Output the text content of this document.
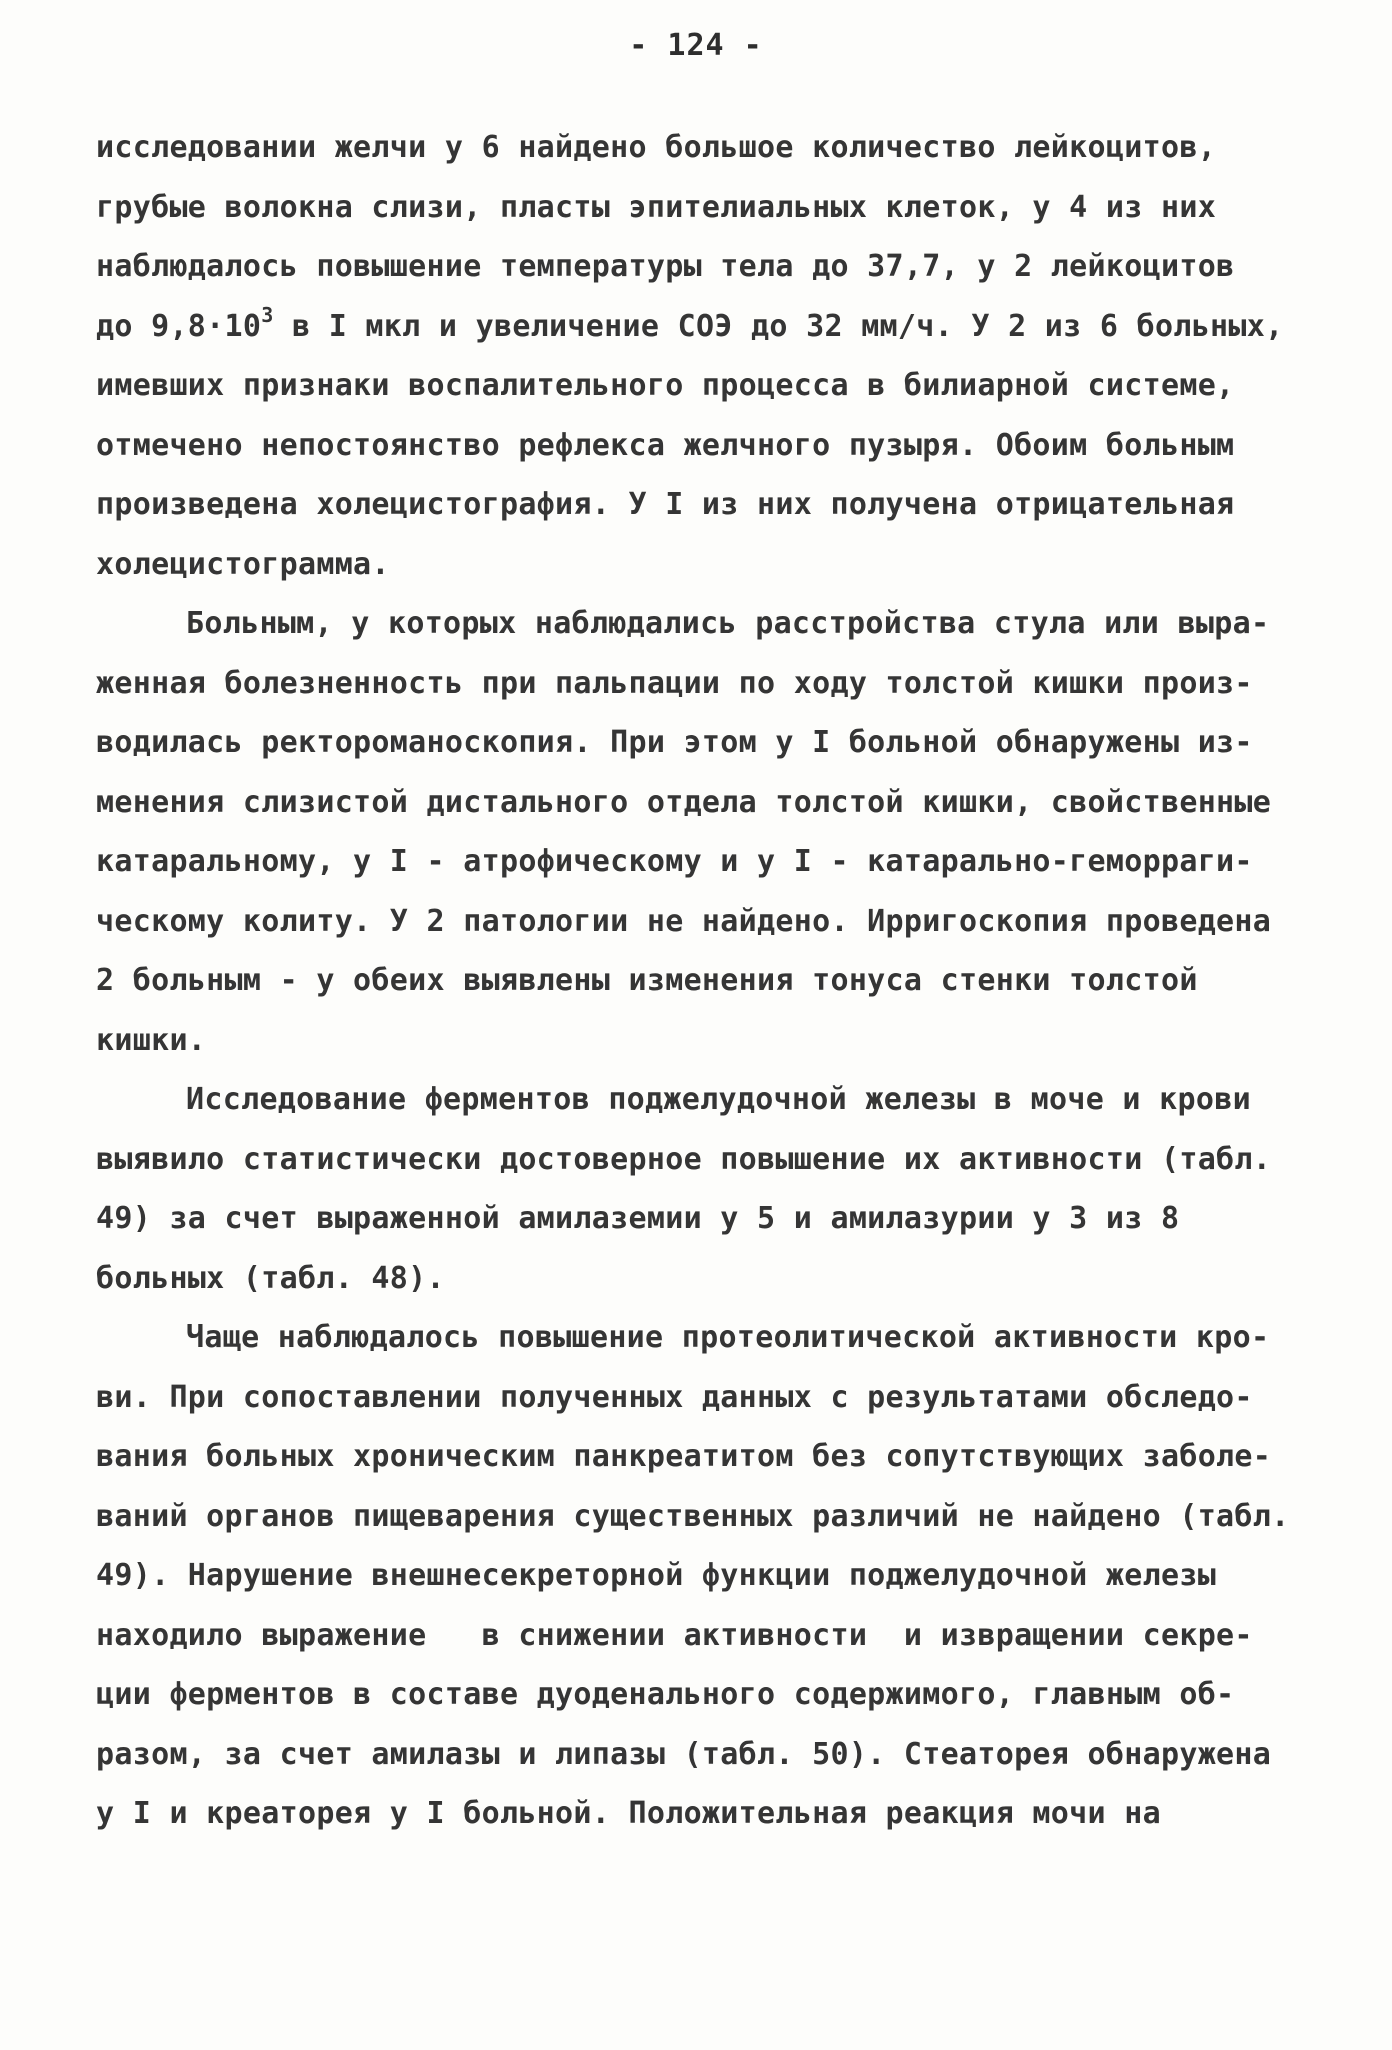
- 124 -
исследовании желчи у 6 найдено большое количество лейкоцитов,
грубые волокна слизи, пласты эпителиальных клеток, у 4 из них
наблюдалось повышение температуры тела до 37,7, у 2 лейкоцитов
до $9,8\cdot 10^3$ в I мкл и увеличение СОЭ до 32 мм/ч. У 2 из 6 больных,
имевших признаки воспалительного процесса в билиарной системе,
отмечено непостоянство рефлекса желчного пузыря. Обоим больным
произведена холецистография. У I из них получена отрицательная
холецистограмма.
Больным, у которых наблюдались расстройства стула или выра-
женная болезненность при пальпации по ходу толстой кишки произ-
водилась ректороманоскопия. При этом у I больной обнаружены из-
менения слизистой дистального отдела толстой кишки, свойственные
катаральному, у I - атрофическому и у I - катарально-геморраги-
ческому колиту. У 2 патологии не найдено. Ирригоскопия проведена
2 больным - у обеих выявлены изменения тонуса стенки толстой
кишки.
Исследование ферментов поджелудочной железы в моче и крови
выявило статистически достоверное повышение их активности (табл.
49) за счет выраженной амилаземии у 5 и амилазурии у 3 из 8
больных (табл. 48).
Чаще наблюдалось повышение протеолитической активности кро-
ви. При сопоставлении полученных данных с результатами обследо-
вания больных хроническим панкреатитом без сопутствующих заболе-
ваний органов пищеварения существенных различий не найдено (табл.
49). Нарушение внешнесекреторной функции поджелудочной железы
находило выражение   в снижении активности  и извращении секре-
ции ферментов в составе дуоденального содержимого, главным об-
разом, за счет амилазы и липазы (табл. 50). Стеаторея обнаружена
у I и креаторея у I больной. Положительная реакция мочи на
